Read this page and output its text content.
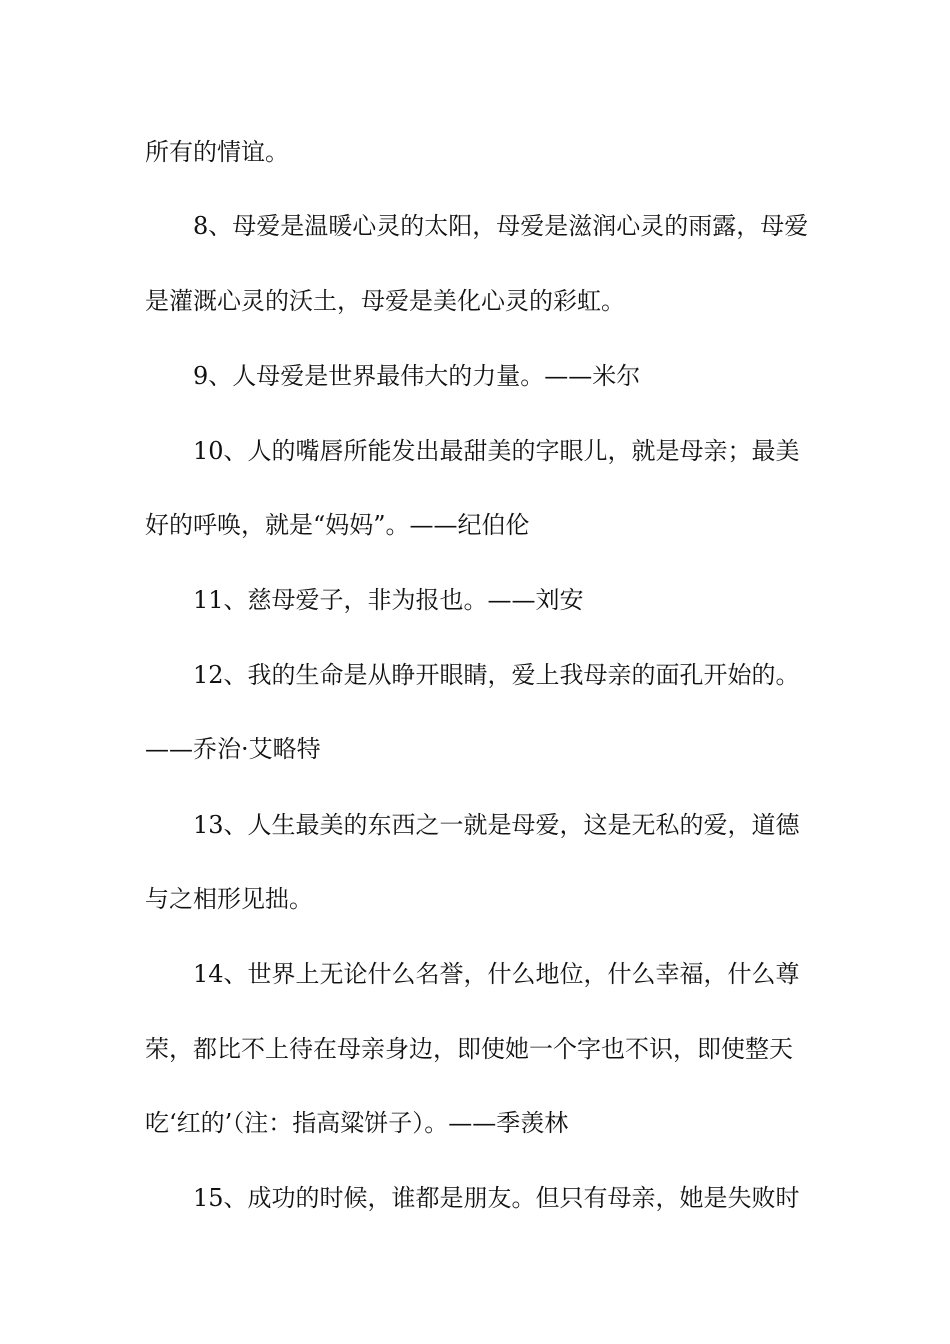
所有的情谊。
8、母爱是温暖心灵的太阳，母爱是滋润心灵的雨露，母爱
是灌溉心灵的沃土，母爱是美化心灵的彩虹。
9、人母爱是世界最伟大的力量。——米尔
10、人的嘴唇所能发出最甜美的字眼儿，就是母亲；最美
好的呼唤，就是“妈妈”。——纪伯伦
11、慈母爱子，非为报也。——刘安
12、我的生命是从睁开眼睛，爱上我母亲的面孔开始的。
——乔治·艾略特
13、人生最美的东西之一就是母爱，这是无私的爱，道德
与之相形见拙。
14、世界上无论什么名誉，什么地位，什么幸福，什么尊
荣，都比不上待在母亲身边，即使她一个字也不识，即使整天
吃‘红的’（注：指高粱饼子）。——季羡林
15、成功的时候，谁都是朋友。但只有母亲，她是失败时
